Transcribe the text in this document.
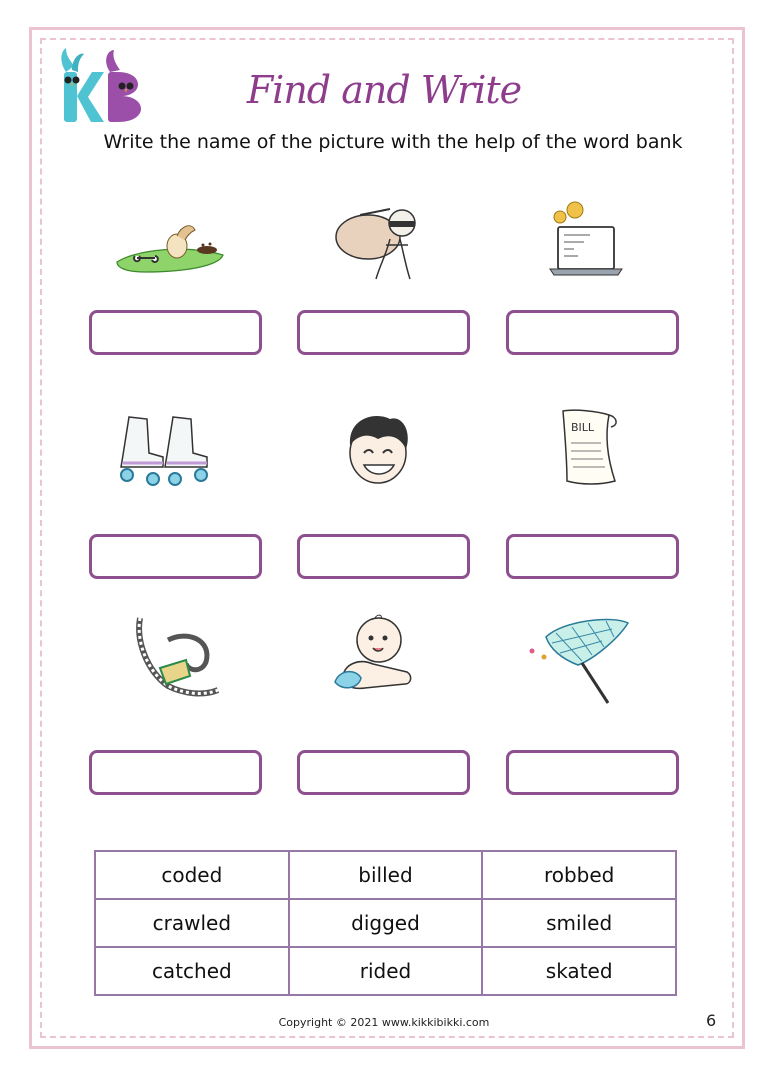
Find and Write

Write the name of the picture with the help of the word bank

BILL
coded	billed	robbed
crawled	digged	smiled
catched	rided	skated
Copyright © 2021 www.kikkibikki.com	6
